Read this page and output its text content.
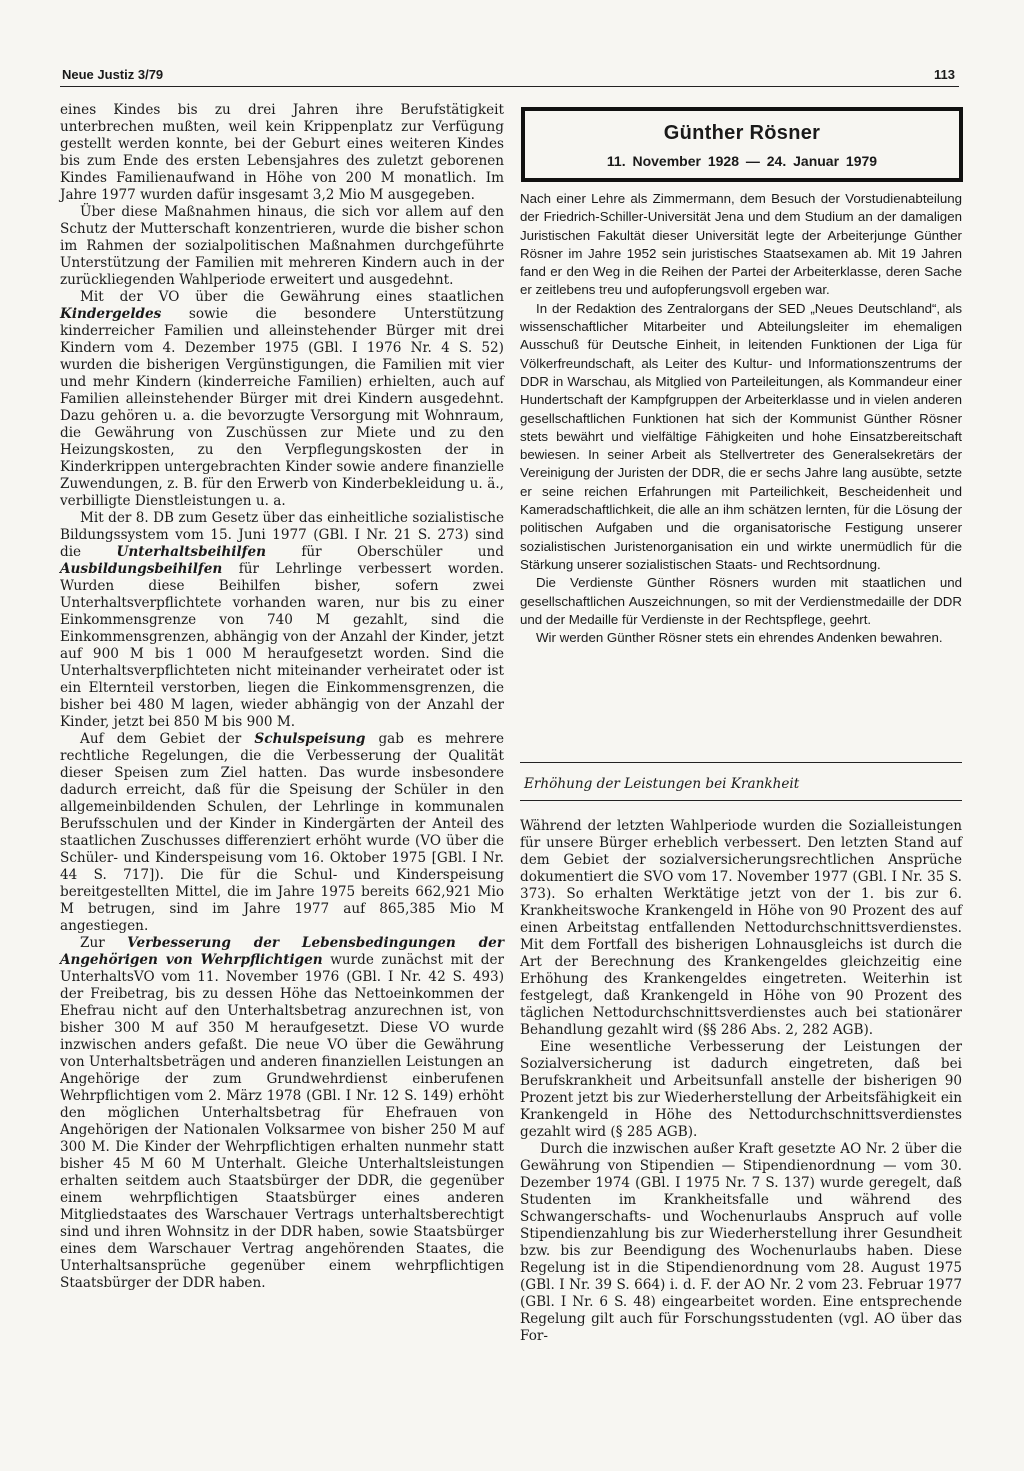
Neue Justiz 3/79	113

eines Kindes bis zu drei Jahren ihre Berufstätigkeit unterbrechen mußten, weil kein Krippenplatz zur Verfügung gestellt werden konnte, bei der Geburt eines weiteren Kindes bis zum Ende des ersten Lebensjahres des zuletzt geborenen Kindes Familienaufwand in Höhe von 200 M monatlich. Im Jahre 1977 wurden dafür insgesamt 3,2 Mio M ausgegeben.

Über diese Maßnahmen hinaus, die sich vor allem auf den Schutz der Mutterschaft konzentrieren, wurde die bisher schon im Rahmen der sozialpolitischen Maßnahmen durchgeführte Unterstützung der Familien mit mehreren Kindern auch in der zurückliegenden Wahlperiode erweitert und ausgedehnt.

Mit der VO über die Gewährung eines staatlichen Kindergeldes sowie die besondere Unterstützung kinderreicher Familien und alleinstehender Bürger mit drei Kindern vom 4. Dezember 1975 (GBl. I 1976 Nr. 4 S. 52) wurden die bisherigen Vergünstigungen, die Familien mit vier und mehr Kindern (kinderreiche Familien) erhielten, auch auf Familien alleinstehender Bürger mit drei Kindern ausgedehnt. Dazu gehören u. a. die bevorzugte Versorgung mit Wohnraum, die Gewährung von Zuschüssen zur Miete und zu den Heizungskosten, zu den Verpflegungskosten der in Kinderkrippen untergebrachten Kinder sowie andere finanzielle Zuwendungen, z. B. für den Erwerb von Kinderbekleidung u. ä., verbilligte Dienstleistungen u. a.

Mit der 8. DB zum Gesetz über das einheitliche sozialistische Bildungssystem vom 15. Juni 1977 (GBl. I Nr. 21 S. 273) sind die Unterhaltsbeihilfen für Oberschüler und Ausbildungsbeihilfen für Lehrlinge verbessert worden. Wurden diese Beihilfen bisher, sofern zwei Unterhaltsverpflichtete vorhanden waren, nur bis zu einer Einkommensgrenze von 740 M gezahlt, sind die Einkommensgrenzen, abhängig von der Anzahl der Kinder, jetzt auf 900 M bis 1 000 M heraufgesetzt worden. Sind die Unterhaltsverpflichteten nicht miteinander verheiratet oder ist ein Elternteil verstorben, liegen die Einkommensgrenzen, die bisher bei 480 M lagen, wieder abhängig von der Anzahl der Kinder, jetzt bei 850 M bis 900 M.

Auf dem Gebiet der Schulspeisung gab es mehrere rechtliche Regelungen, die die Verbesserung der Qualität dieser Speisen zum Ziel hatten. Das wurde insbesondere dadurch erreicht, daß für die Speisung der Schüler in den allgemeinbildenden Schulen, der Lehrlinge in kommunalen Berufsschulen und der Kinder in Kindergärten der Anteil des staatlichen Zuschusses differenziert erhöht wurde (VO über die Schüler- und Kinderspeisung vom 16. Oktober 1975 [GBl. I Nr. 44 S. 717]). Die für die Schul- und Kinderspeisung bereitgestellten Mittel, die im Jahre 1975 bereits 662,921 Mio M betrugen, sind im Jahre 1977 auf 865,385 Mio M angestiegen.

Zur Verbesserung der Lebensbedingungen der Angehörigen von Wehrpflichtigen wurde zunächst mit der UnterhaltsVO vom 11. November 1976 (GBl. I Nr. 42 S. 493) der Freibetrag, bis zu dessen Höhe das Nettoeinkommen der Ehefrau nicht auf den Unterhaltsbetrag anzurechnen ist, von bisher 300 M auf 350 M heraufgesetzt. Diese VO wurde inzwischen anders gefaßt. Die neue VO über die Gewährung von Unterhaltsbeträgen und anderen finanziellen Leistungen an Angehörige der zum Grundwehrdienst einberufenen Wehrpflichtigen vom 2. März 1978 (GBl. I Nr. 12 S. 149) erhöht den möglichen Unterhaltsbetrag für Ehefrauen von Angehörigen der Nationalen Volksarmee von bisher 250 M auf 300 M. Die Kinder der Wehrpflichtigen erhalten nunmehr statt bisher 45 M 60 M Unterhalt. Gleiche Unterhaltsleistungen erhalten seitdem auch Staatsbürger der DDR, die gegenüber einem wehrpflichtigen Staatsbürger eines anderen Mitgliedstaates des Warschauer Vertrags unterhaltsberechtigt sind und ihren Wohnsitz in der DDR haben, sowie Staatsbürger eines dem Warschauer Vertrag angehörenden Staates, die Unterhaltsansprüche gegenüber einem wehrpflichtigen Staatsbürger der DDR haben.

Günther Rösner
11. November 1928 — 24. Januar 1979

Nach einer Lehre als Zimmermann, dem Besuch der Vorstudienabteilung der Friedrich-Schiller-Universität Jena und dem Studium an der damaligen Juristischen Fakultät dieser Universität legte der Arbeiterjunge Günther Rösner im Jahre 1952 sein juristisches Staatsexamen ab. Mit 19 Jahren fand er den Weg in die Reihen der Partei der Arbeiterklasse, deren Sache er zeitlebens treu und aufopferungsvoll ergeben war.

In der Redaktion des Zentralorgans der SED „Neues Deutschland“, als wissenschaftlicher Mitarbeiter und Abteilungsleiter im ehemaligen Ausschuß für Deutsche Einheit, in leitenden Funktionen der Liga für Völkerfreundschaft, als Leiter des Kultur- und Informationszentrums der DDR in Warschau, als Mitglied von Parteileitungen, als Kommandeur einer Hundertschaft der Kampfgruppen der Arbeiterklasse und in vielen anderen gesellschaftlichen Funktionen hat sich der Kommunist Günther Rösner stets bewährt und vielfältige Fähigkeiten und hohe Einsatzbereitschaft bewiesen. In seiner Arbeit als Stellvertreter des Generalsekretärs der Vereinigung der Juristen der DDR, die er sechs Jahre lang ausübte, setzte er seine reichen Erfahrungen mit Parteilichkeit, Bescheidenheit und Kameradschaftlichkeit, die alle an ihm schätzen lernten, für die Lösung der politischen Aufgaben und die organisatorische Festigung unserer sozialistischen Juristenorganisation ein und wirkte unermüdlich für die Stärkung unserer sozialistischen Staats- und Rechtsordnung.

Die Verdienste Günther Rösners wurden mit staatlichen und gesellschaftlichen Auszeichnungen, so mit der Verdienstmedaille der DDR und der Medaille für Verdienste in der Rechtspflege, geehrt.

Wir werden Günther Rösner stets ein ehrendes Andenken bewahren.

Erhöhung der Leistungen bei Krankheit

Während der letzten Wahlperiode wurden die Sozialleistungen für unsere Bürger erheblich verbessert. Den letzten Stand auf dem Gebiet der sozialversicherungsrechtlichen Ansprüche dokumentiert die SVO vom 17. November 1977 (GBl. I Nr. 35 S. 373). So erhalten Werktätige jetzt von der 1. bis zur 6. Krankheitswoche Krankengeld in Höhe von 90 Prozent des auf einen Arbeitstag entfallenden Nettodurchschnittsverdienstes. Mit dem Fortfall des bisherigen Lohnausgleichs ist durch die Art der Berechnung des Krankengeldes gleichzeitig eine Erhöhung des Krankengeldes eingetreten. Weiterhin ist festgelegt, daß Krankengeld in Höhe von 90 Prozent des täglichen Nettodurchschnittsverdienstes auch bei stationärer Behandlung gezahlt wird (§§ 286 Abs. 2, 282 AGB).

Eine wesentliche Verbesserung der Leistungen der Sozialversicherung ist dadurch eingetreten, daß bei Berufskrankheit und Arbeitsunfall anstelle der bisherigen 90 Prozent jetzt bis zur Wiederherstellung der Arbeitsfähigkeit ein Krankengeld in Höhe des Nettodurchschnittsverdienstes gezahlt wird (§ 285 AGB).

Durch die inzwischen außer Kraft gesetzte AO Nr. 2 über die Gewährung von Stipendien — Stipendienordnung — vom 30. Dezember 1974 (GBl. I 1975 Nr. 7 S. 137) wurde geregelt, daß Studenten im Krankheitsfalle und während des Schwangerschafts- und Wochenurlaubs Anspruch auf volle Stipendienzahlung bis zur Wiederherstellung ihrer Gesundheit bzw. bis zur Beendigung des Wochenurlaubs haben. Diese Regelung ist in die Stipendienordnung vom 28. August 1975 (GBl. I Nr. 39 S. 664) i. d. F. der AO Nr. 2 vom 23. Februar 1977 (GBl. I Nr. 6 S. 48) eingearbeitet worden. Eine entsprechende Regelung gilt auch für Forschungsstudenten (vgl. AO über das For-
